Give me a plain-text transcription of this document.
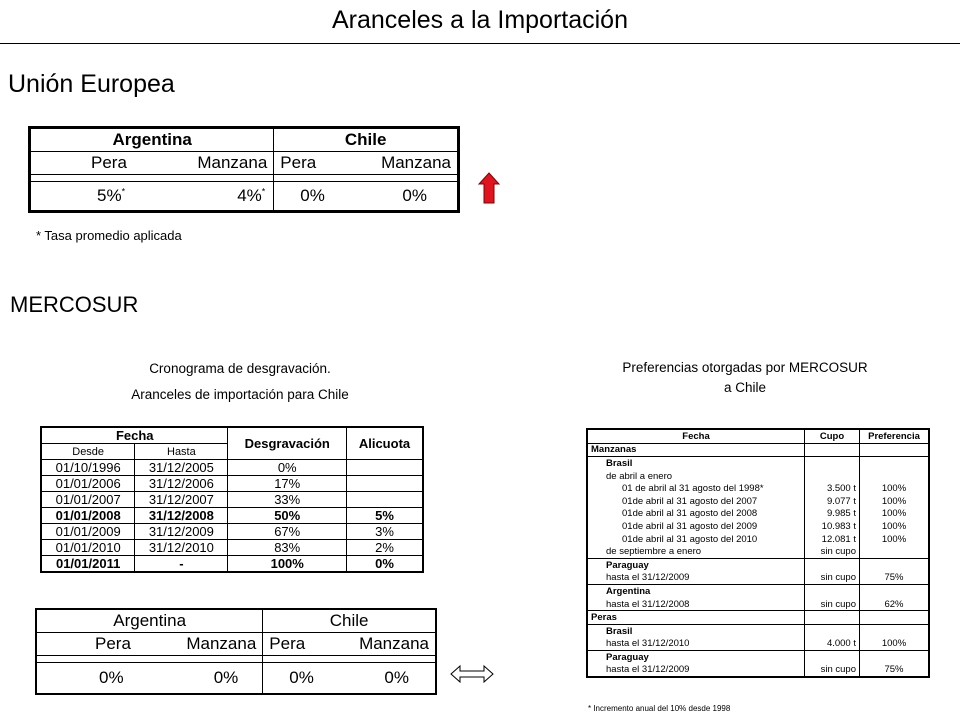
Aranceles a la Importación
Unión Europea
Argentina		Chile	
Pera	Manzana	Pera	Manzana

5%*	4%*	0%	0%
* Tasa promedio aplicada
MERCOSUR
Cronograma de desgravación.
Aranceles de importación para Chile
Fecha		Desgravación	Alicuota
Desde	Hasta		
01/10/1996	31/12/2005	0%	
01/01/2006	31/12/2006	17%	
01/01/2007	31/12/2007	33%	
01/01/2008	31/12/2008	50%	5%
01/01/2009	31/12/2009	67%	3%
01/01/2010	31/12/2010	83%	2%
01/01/2011	-	100%	0%
Argentina		Chile	
Pera	Manzana	Pera	Manzana

0%	0%	0%	0%
Preferencias otorgadas por MERCOSUR
a Chile
Fecha	Cupo	Preferencia
Manzanas		
Brasil		
de abril a enero		
01 de abril al 31 agosto del 1998*	3.500 t	100%
01de abril al 31 agosto del 2007	9.077 t	100%
01de abril al 31 agosto del 2008	9.985 t	100%
01de abril al 31 agosto del 2009	10.983 t	100%
01de abril al 31 agosto del 2010	12.081 t	100%
de septiembre a enero	sin cupo	
Paraguay		
hasta el 31/12/2009	sin cupo	75%
Argentina		
hasta el 31/12/2008	sin cupo	62%
Peras		
Brasil		
hasta el 31/12/2010	4.000 t	100%
Paraguay		
hasta el 31/12/2009	sin cupo	75%
* Incremento anual del 10% desde 1998
